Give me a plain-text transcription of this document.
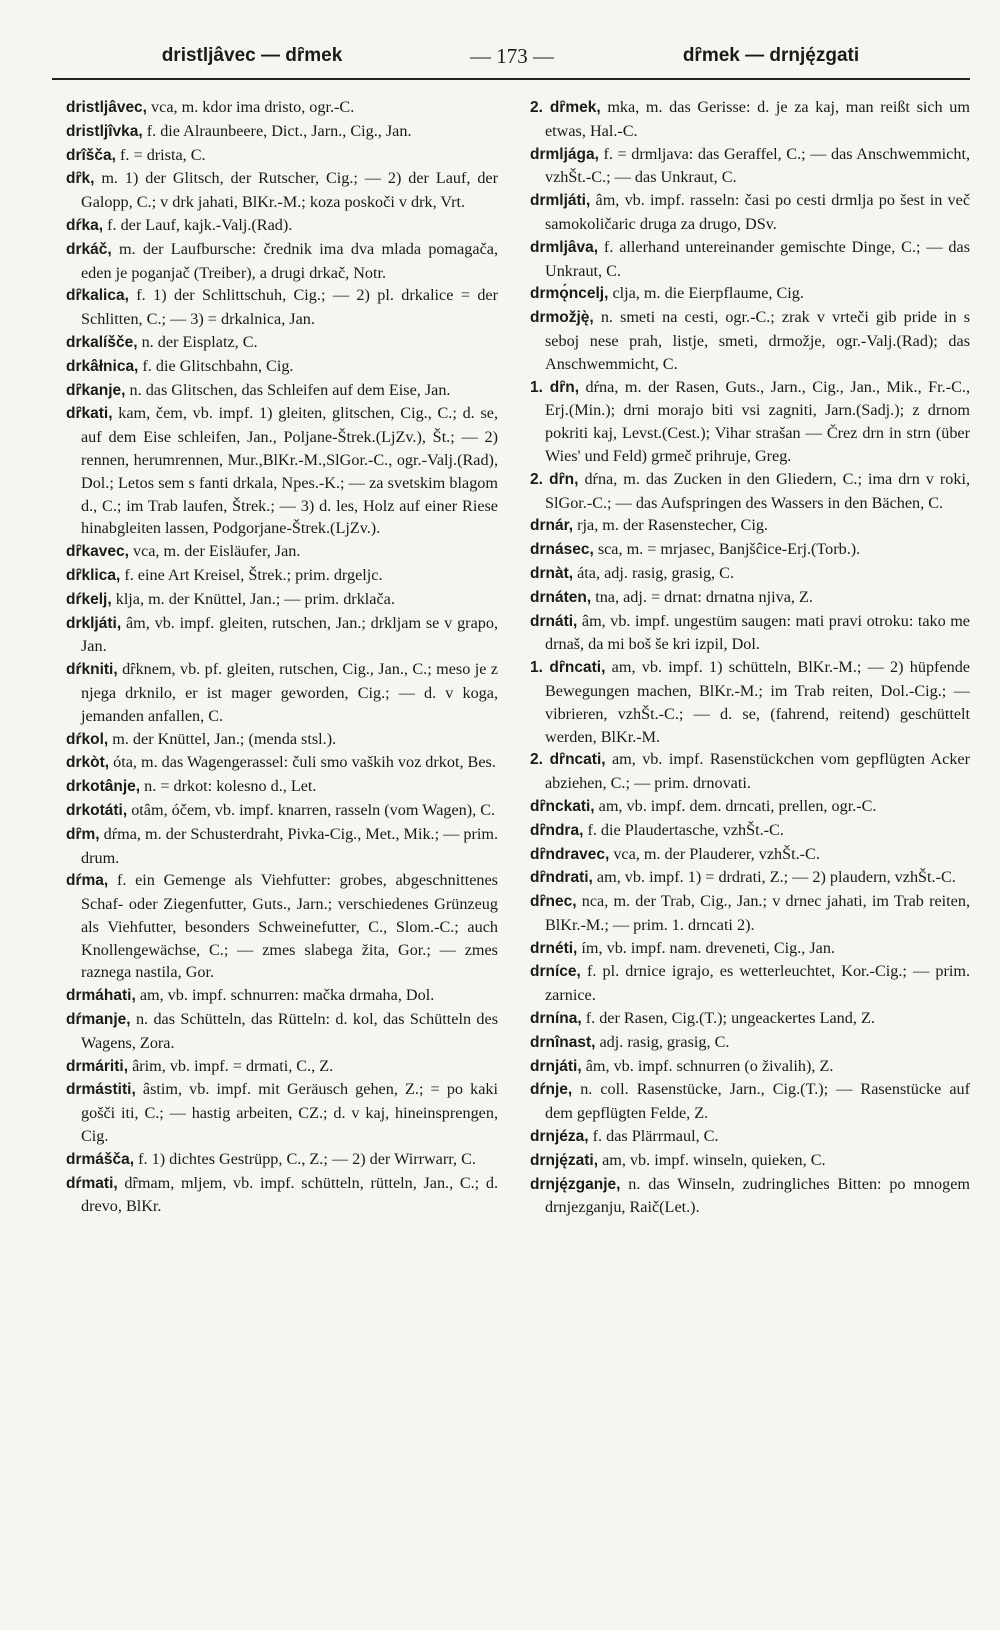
dristljâvec — dȓmek	— 173 —	dȓmek — drnję́zgati

dristljâvec, vca, m. kdor ima dristo, ogr.-C.

dristljîvka, f. die Alraunbeere, Dict., Jarn., Cig., Jan.

drîšča, f. = drista, C.

dȓk, m. 1) der Glitsch, der Rutscher, Cig.; — 2) der Lauf, der Galopp, C.; v drk jahati, BlKr.-M.; koza poskoči v drk, Vrt.

dŕka, f. der Lauf, kajk.-Valj.(Rad).

drkáč, m. der Laufbursche: črednik ima dva mlada pomagača, eden je poganjač (Treiber), a drugi drkač, Notr.

dȓkalica, f. 1) der Schlittschuh, Cig.; — 2) pl. drkalice = der Schlitten, C.; — 3) = drkalnica, Jan.

drkalíšče, n. der Eisplatz, C.

drkâłnica, f. die Glitschbahn, Cig.

dȓkanje, n. das Glitschen, das Schleifen auf dem Eise, Jan.

dȓkati, kam, čem, vb. impf. 1) gleiten, glitschen, Cig., C.; d. se, auf dem Eise schleifen, Jan., Poljane-Štrek.(LjZv.), Št.; — 2) rennen, herumrennen, Mur.,BlKr.-M.,SlGor.-C., ogr.-Valj.(Rad), Dol.; Letos sem s fanti drkala, Npes.-K.; — za svetskim blagom d., C.; im Trab laufen, Štrek.; — 3) d. les, Holz auf einer Riese hinabgleiten lassen, Podgorjane-Štrek.(LjZv.).

dȓkavec, vca, m. der Eisläufer, Jan.

dȓklica, f. eine Art Kreisel, Štrek.; prim. drgeljc.

dŕkelj, klja, m. der Knüttel, Jan.; — prim. drklača.

drkljáti, âm, vb. impf. gleiten, rutschen, Jan.; drkljam se v grapo, Jan.

dŕkniti, dȓknem, vb. pf. gleiten, rutschen, Cig., Jan., C.; meso je z njega drknilo, er ist mager geworden, Cig.; — d. v koga, jemanden anfallen, C.

dŕkol, m. der Knüttel, Jan.; (menda stsl.).

drkòt, óta, m. das Wagengerassel: čuli smo vaških voz drkot, Bes.

drkotânje, n. = drkot: kolesno d., Let.

drkotáti, otâm, óčem, vb. impf. knarren, rasseln (vom Wagen), C.

dȓm, dŕma, m. der Schusterdraht, Pivka-Cig., Met., Mik.; — prim. drum.

dŕma, f. ein Gemenge als Viehfutter: grobes, abgeschnittenes Schaf- oder Ziegenfutter, Guts., Jarn.; verschiedenes Grünzeug als Viehfutter, besonders Schweinefutter, C., Slom.-C.; auch Knollengewächse, C.; — zmes slabega žita, Gor.; — zmes raznega nastila, Gor.

drmáhati, am, vb. impf. schnurren: mačka drmaha, Dol.

dŕmanje, n. das Schütteln, das Rütteln: d. kol, das Schütteln des Wagens, Zora.

drmáriti, ârim, vb. impf. = drmati, C., Z.

drmástiti, âstim, vb. impf. mit Geräusch gehen, Z.; = po kaki gošči iti, C.; — hastig arbeiten, CZ.; d. v kaj, hineinsprengen, Cig.

drmášča, f. 1) dichtes Gestrüpp, C., Z.; — 2) der Wirrwarr, C.

dŕmati, dȓmam, mljem, vb. impf. schütteln, rütteln, Jan., C.; d. drevo, BlKr.

2. dȓmek, mka, m. das Gerisse: d. je za kaj, man reißt sich um etwas, Hal.-C.

drmljága, f. = drmljava: das Geraffel, C.; — das Anschwemmicht, vzhŠt.-C.; — das Unkraut, C.

drmljáti, âm, vb. impf. rasseln: časi po cesti drmlja po šest in več samokoličaric druga za drugo, DSv.

drmljâva, f. allerhand untereinander gemischte Dinge, C.; — das Unkraut, C.

drmǫ́ncelj, clja, m. die Eierpflaume, Cig.

drmožję̀, n. smeti na cesti, ogr.-C.; zrak v vrteči gib pride in s seboj nese prah, listje, smeti, drmožje, ogr.-Valj.(Rad); das Anschwemmicht, C.

1. dȓn, dŕna, m. der Rasen, Guts., Jarn., Cig., Jan., Mik., Fr.-C., Erj.(Min.); drni morajo biti vsi zagniti, Jarn.(Sadj.); z drnom pokriti kaj, Levst.(Cest.); Vihar strašan — Črez drn in strn (über Wies' und Feld) grmeč prihruje, Greg.

2. dȓn, dŕna, m. das Zucken in den Gliedern, C.; ima drn v roki, SlGor.-C.; — das Aufspringen des Wassers in den Bächen, C.

drnár, rja, m. der Rasenstecher, Cig.

drnásec, sca, m. = mrjasec, Banjšĉice-Erj.(Torb.).

drnàt, áta, adj. rasig, grasig, C.

drnáten, tna, adj. = drnat: drnatna njiva, Z.

drnáti, âm, vb. impf. ungestüm saugen: mati pravi otroku: tako me drnaš, da mi boš še kri izpil, Dol.

1. dȓncati, am, vb. impf. 1) schütteln, BlKr.-M.; — 2) hüpfende Bewegungen machen, BlKr.-M.; im Trab reiten, Dol.-Cig.; — vibrieren, vzhŠt.-C.; — d. se, (fahrend, reitend) geschüttelt werden, BlKr.-M.

2. dȓncati, am, vb. impf. Rasenstückchen vom gepflügten Acker abziehen, C.; — prim. drnovati.

dȓnckati, am, vb. impf. dem. drncati, prellen, ogr.-C.

dȓndra, f. die Plaudertasche, vzhŠt.-C.

dȓndravec, vca, m. der Plauderer, vzhŠt.-C.

dȓndrati, am, vb. impf. 1) = drdrati, Z.; — 2) plaudern, vzhŠt.-C.

dȓnec, nca, m. der Trab, Cig., Jan.; v drnec jahati, im Trab reiten, BlKr.-M.; — prim. 1. drncati 2).

drnéti, ím, vb. impf. nam. dreveneti, Cig., Jan.

drníce, f. pl. drnice igrajo, es wetterleuchtet, Kor.-Cig.; — prim. zarnice.

drnína, f. der Rasen, Cig.(T.); ungeackertes Land, Z.

drnînast, adj. rasig, grasig, C.

drnjáti, âm, vb. impf. schnurren (o živalih), Z.

dŕnje, n. coll. Rasenstücke, Jarn., Cig.(T.); — Rasenstücke auf dem gepflügten Felde, Z.

drnjéza, f. das Plärrmaul, C.

drnję́zati, am, vb. impf. winseln, quieken, C.

drnję́zganje, n. das Winseln, zudringliches Bitten: po mnogem drnjezganju, Raič(Let.).
